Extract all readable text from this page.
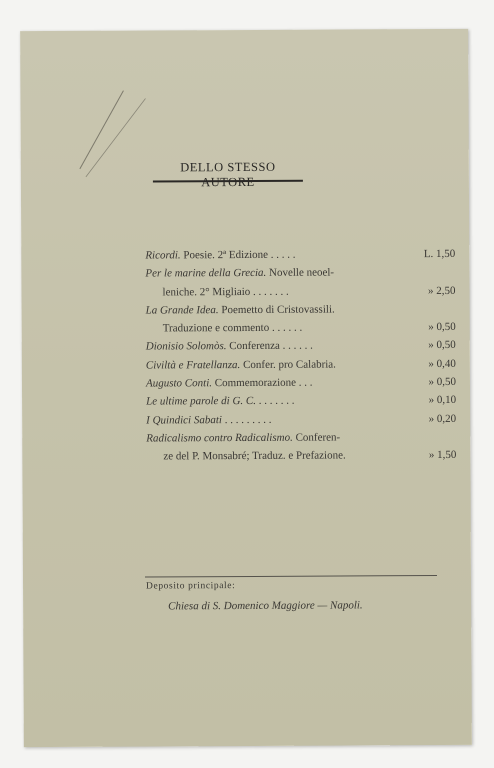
DELLO STESSO AUTORE
Ricordi. Poesie. 2ª Edizione . . . . .	L. 1,50
Per le marine della Grecia. Novelle neoel-
leniche. 2° Migliaio . . . . . . .	» 2,50
La Grande Idea. Poemetto di Cristovassili.
Traduzione e commento . . . . . .	» 0,50
Dionisio Solomòs. Conferenza . . . . . .	» 0,50
Civiltà e Fratellanza. Confer. pro Calabria.	» 0,40
Augusto Conti. Commemorazione . . .	» 0,50
Le ultime parole di G. C. . . . . . . .	» 0,10
I Quindici Sabati . . . . . . . . .	» 0,20
Radicalismo contro Radicalismo. Conferen-
ze del P. Monsabré; Traduz. e Prefazione.	» 1,50
Deposito principale:
Chiesa di S. Domenico Maggiore — Napoli.
